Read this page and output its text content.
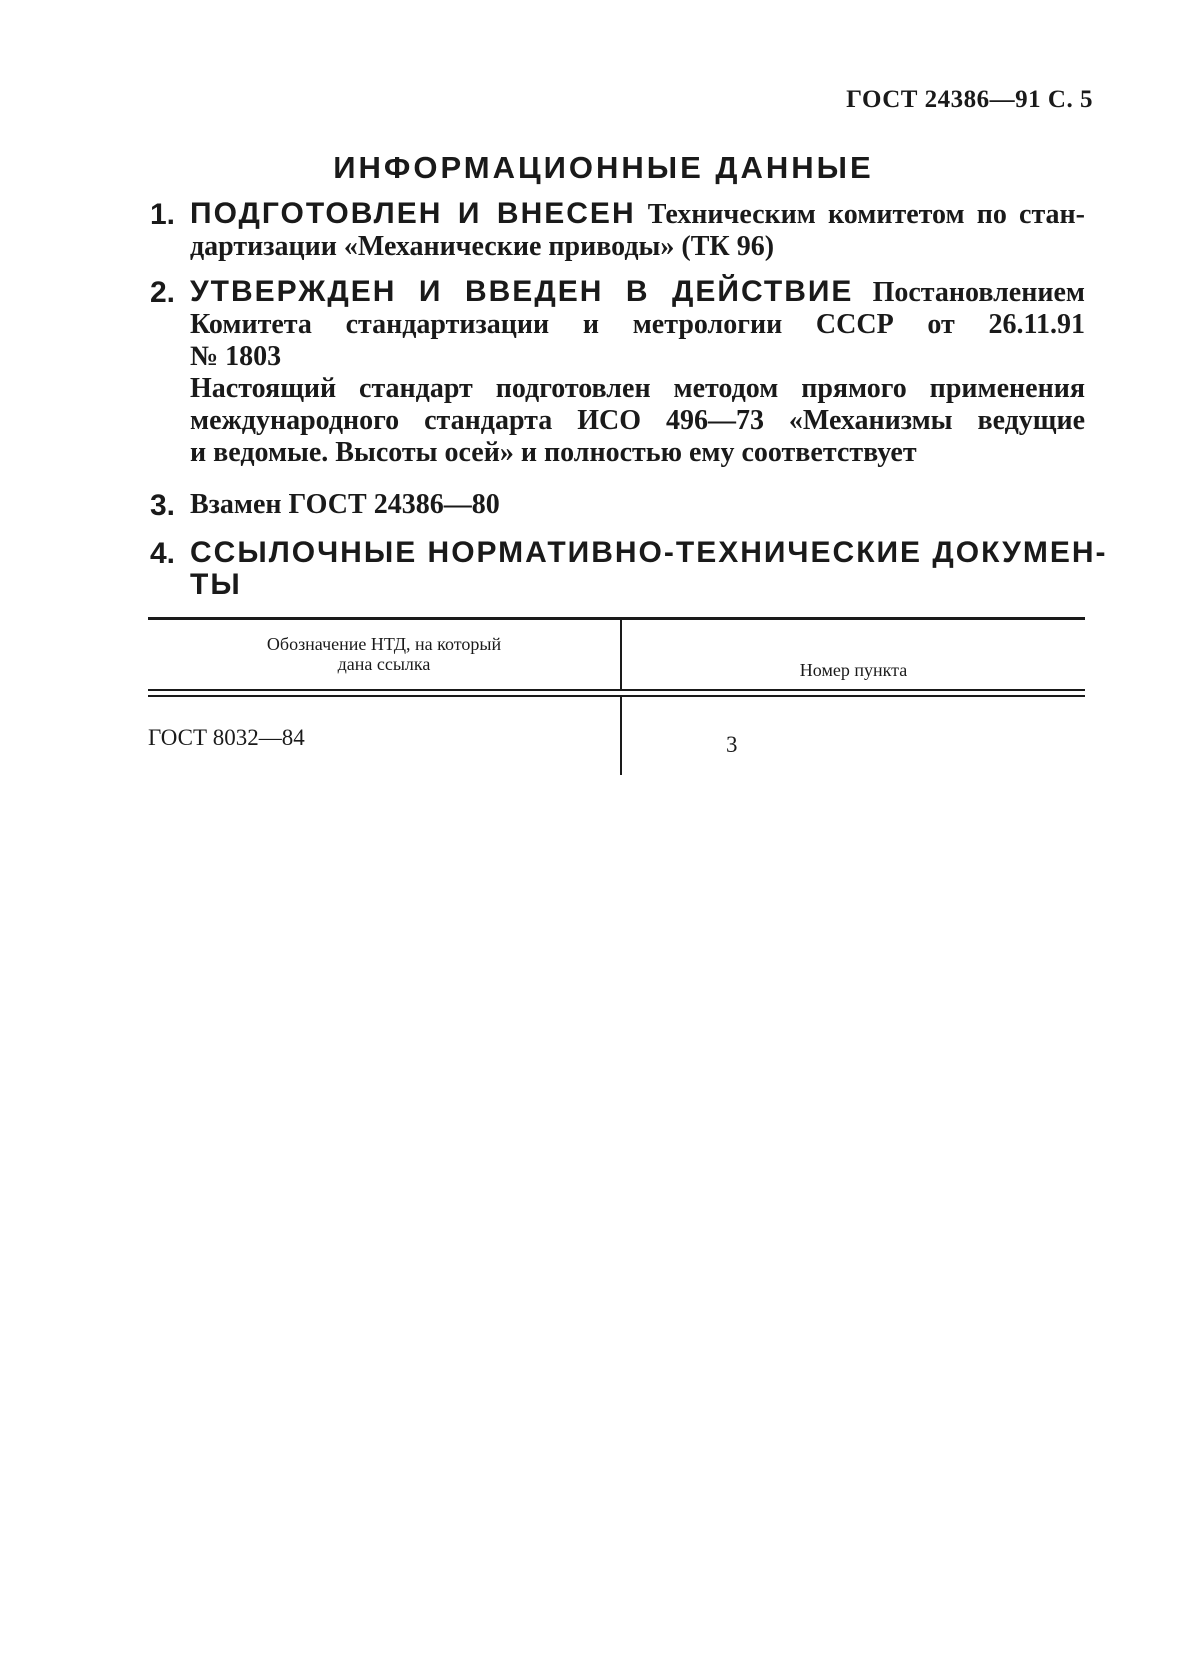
ГОСТ 24386—91 С. 5
ИНФОРМАЦИОННЫЕ ДАННЫЕ
1. ПОДГОТОВЛЕН И ВНЕСЕН Техническим комитетом по стан-
дартизации «Механические приводы» (ТК 96)
2. УТВЕРЖДЕН И ВВЕДЕН В ДЕЙСТВИЕ Постановлением
Комитета стандартизации и метрологии СССР от 26.11.91
№ 1803
Настоящий стандарт подготовлен методом прямого применения
международного стандарта ИСО 496—73 «Механизмы ведущие
и ведомые. Высоты осей» и полностью ему соответствует
3. Взамен ГОСТ 24386—80
4. ССЫЛОЧНЫЕ НОРМАТИВНО-ТЕХНИЧЕСКИЕ ДОКУМЕН-
ТЫ
Обозначение НТД, на который
дана ссылка	Номер пункта
ГОСТ 8032—84	3
